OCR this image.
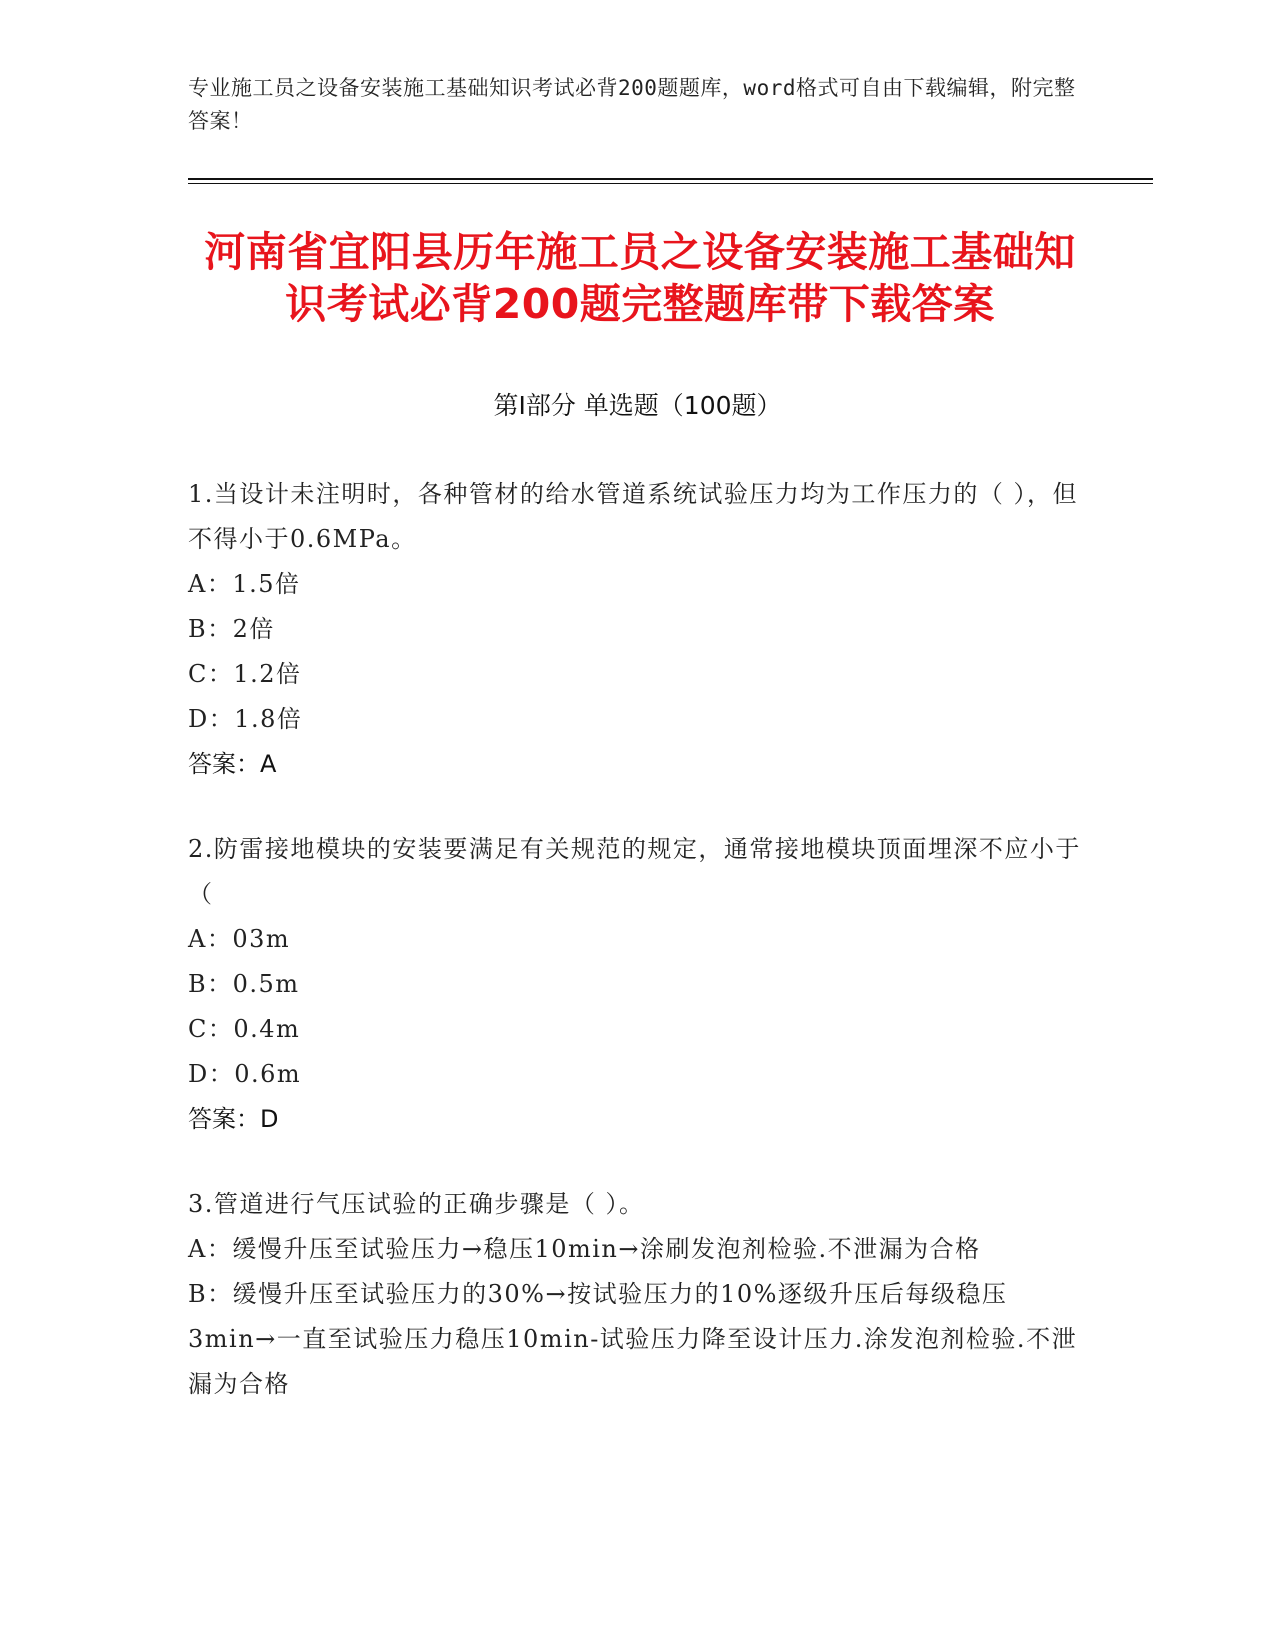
专业施工员之设备安装施工基础知识考试必背200题题库，word格式可自由下载编辑，附完整答案！
河南省宜阳县历年施工员之设备安装施工基础知识考试必背200题完整题库带下载答案
第Ⅰ部分 单选题（100题）
1.当设计未注明时，各种管材的给水管道系统试验压力均为工作压力的（ ），但不得小于0.6MPa。
A：1.5倍
B：2倍
C：1.2倍
D：1.8倍
答案：A
2.防雷接地模块的安装要满足有关规范的规定，通常接地模块顶面埋深不应小于（
A：03m
B：0.5m
C：0.4m
D：0.6m
答案：D
3.管道进行气压试验的正确步骤是（ ）。
A：缓慢升压至试验压力→稳压10min→涂刷发泡剂检验.不泄漏为合格
B：缓慢升压至试验压力的30%→按试验压力的10%逐级升压后每级稳压3min→一直至试验压力稳压10min-试验压力降至设计压力.涂发泡剂检验.不泄漏为合格
